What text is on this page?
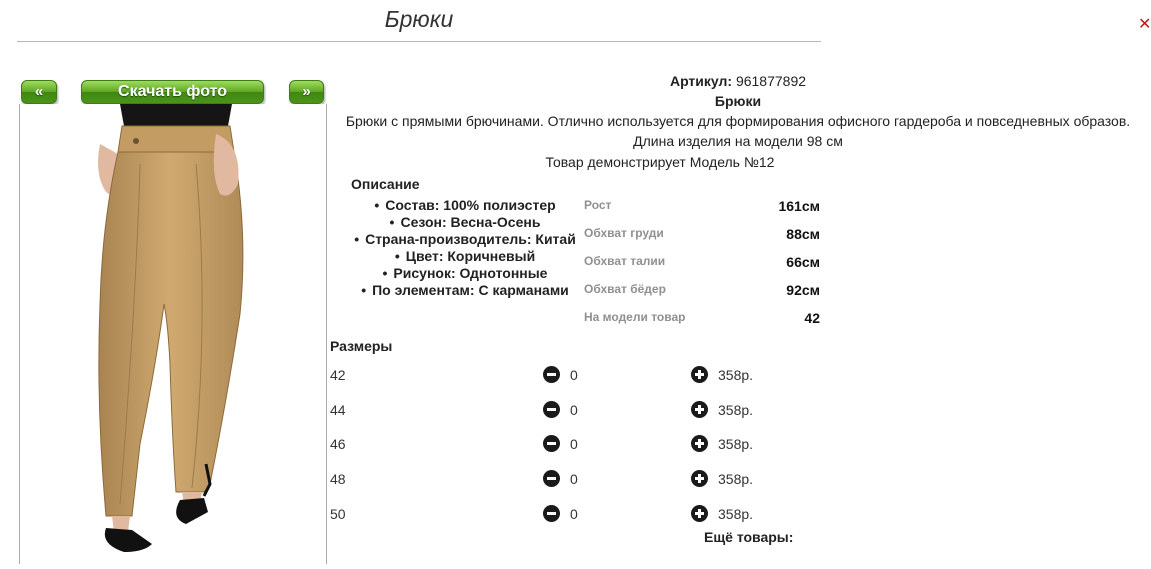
Брюки	✕
«	Скачать фото	»
Артикул: 961877892
Брюки
Брюки с прямыми брючинами. Отлично используется для формирования офисного гардероба и повседневных образов.
Длина изделия на модели 98 см
Товар демонстрирует Модель №12
Описание
• Состав: 100% полиэстер
• Сезон: Весна-Осень
• Страна-производитель: Китай
• Цвет: Коричневый
• Рисунок: Однотонные
• По элементам: С карманами
Рост	161см
Обхват груди	88см
Обхват талии	66см
Обхват бёдер	92см
На модели товар	42
Размеры
42	0	358р.
44	0	358р.
46	0	358р.
48	0	358р.
50	0	358р.
Ещё товары:
